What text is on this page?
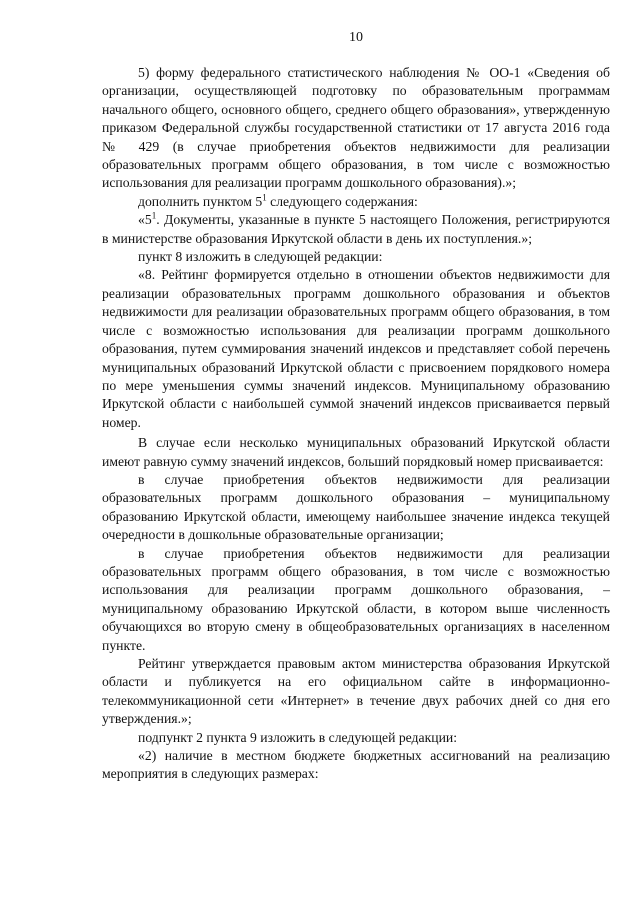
10

5) форму федерального статистического наблюдения № ОО-1 «Сведения об организации, осуществляющей подготовку по образовательным программам начального общего, основного общего, среднего общего образования», утвержденную приказом Федеральной службы государственной статистики от 17 августа 2016 года № 429 (в случае приобретения объектов недвижимости для реализации образовательных программ общего образования, в том числе с возможностью использования для реализации программ дошкольного образования).»;

дополнить пунктом $5^1$ следующего содержания:

«$5^1$. Документы, указанные в пункте 5 настоящего Положения, регистрируются в министерстве образования Иркутской области в день их поступления.»;

пункт 8 изложить в следующей редакции:

«8. Рейтинг формируется отдельно в отношении объектов недвижимости для реализации образовательных программ дошкольного образования и объектов недвижимости для реализации образовательных программ общего образования, в том числе с возможностью использования для реализации программ дошкольного образования, путем суммирования значений индексов и представляет собой перечень муниципальных образований Иркутской области с присвоением порядкового номера по мере уменьшения суммы значений индексов. Муниципальному образованию Иркутской области с наибольшей суммой значений индексов присваивается первый номер.

В случае если несколько муниципальных образований Иркутской области имеют равную сумму значений индексов, больший порядковый номер присваивается:

в случае приобретения объектов недвижимости для реализации образовательных программ дошкольного образования – муниципальному образованию Иркутской области, имеющему наибольшее значение индекса текущей очередности в дошкольные образовательные организации;

в случае приобретения объектов недвижимости для реализации образовательных программ общего образования, в том числе с возможностью использования для реализации программ дошкольного образования, – муниципальному образованию Иркутской области, в котором выше численность обучающихся во вторую смену в общеобразовательных организациях в населенном пункте.

Рейтинг утверждается правовым актом министерства образования Иркутской области и публикуется на его официальном сайте в информационно-телекоммуникационной сети «Интернет» в течение двух рабочих дней со дня его утверждения.»;

подпункт 2 пункта 9 изложить в следующей редакции:

«2) наличие в местном бюджете бюджетных ассигнований на реализацию мероприятия в следующих размерах:
